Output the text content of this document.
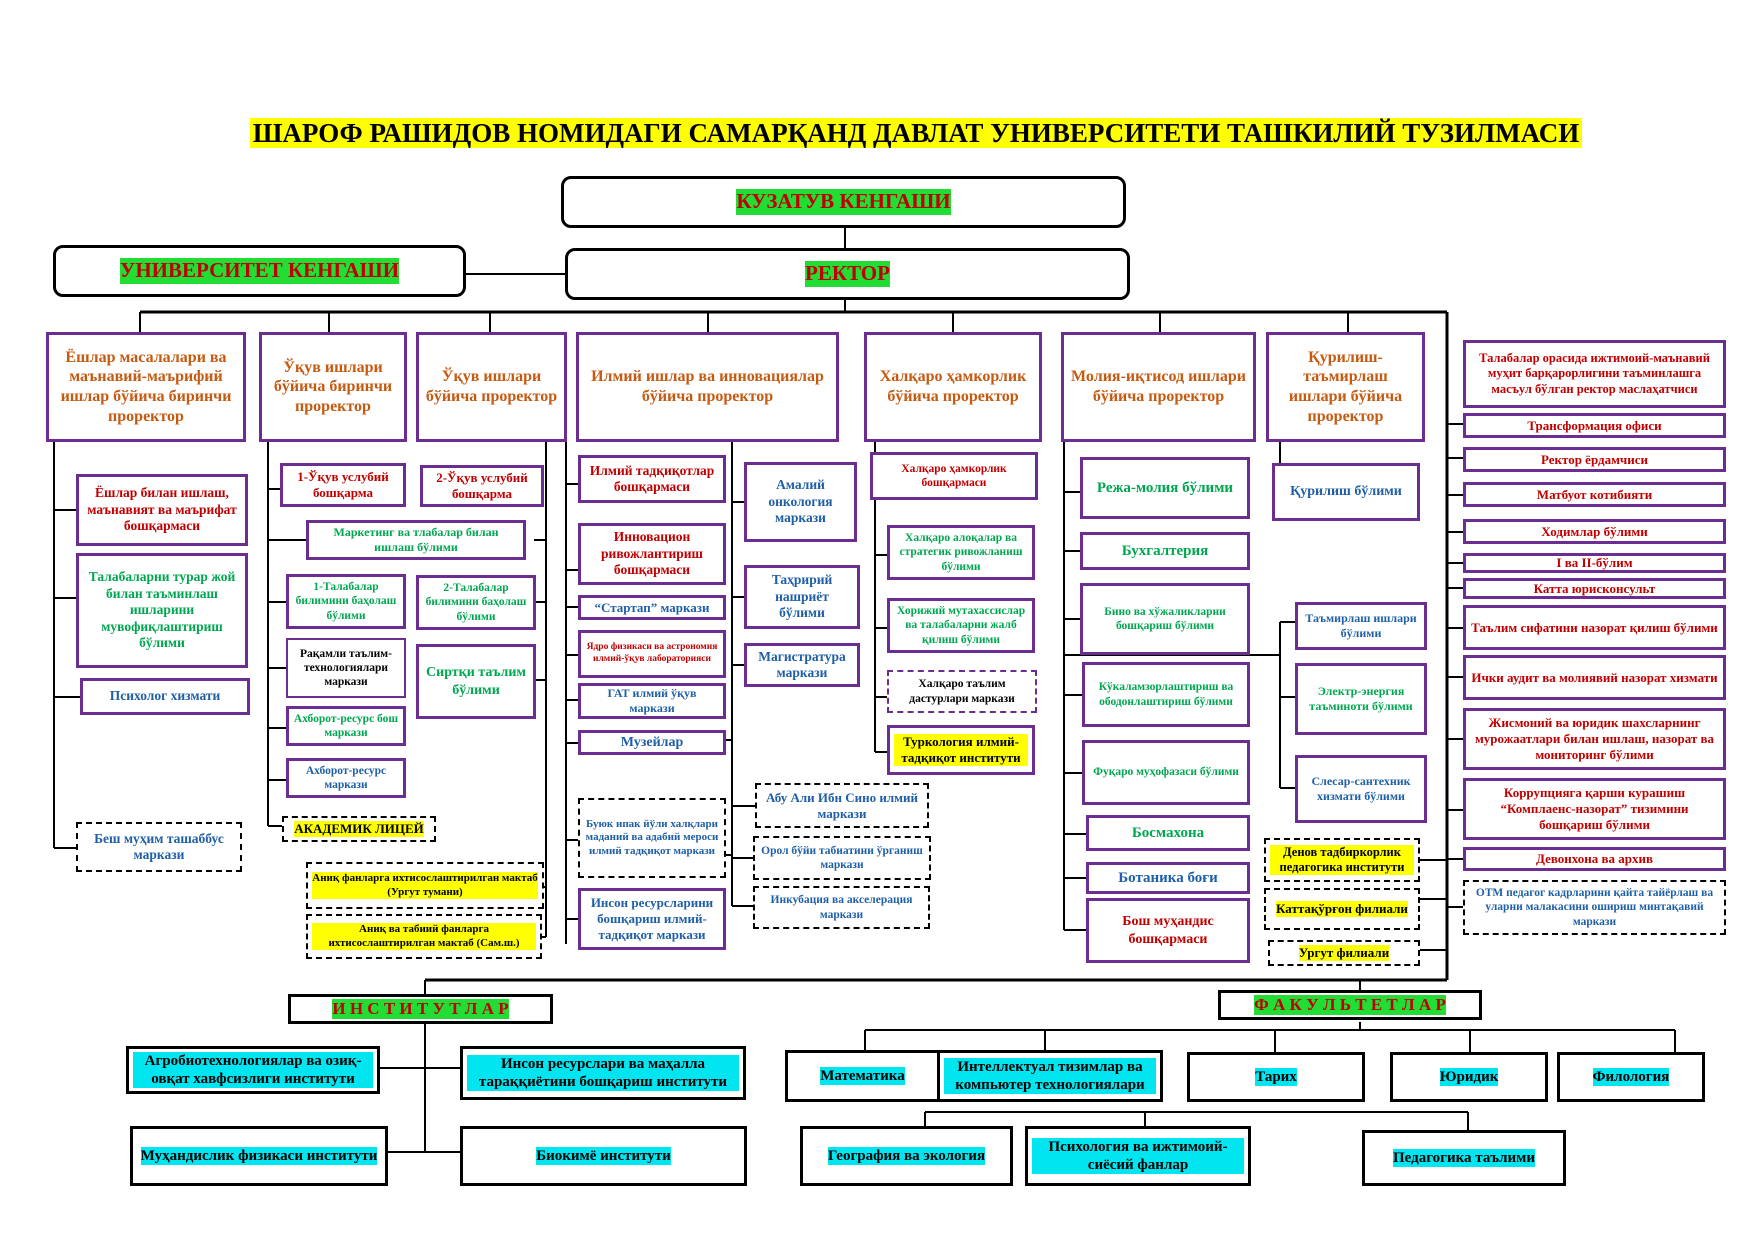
ШАРОФ РАШИДОВ НОМИДАГИ САМАРҚАНД ДАВЛАТ УНИВЕРСИТЕТИ ТАШКИЛИЙ ТУЗИЛМАСИ
КУЗАТУВ КЕНГАШИ
УНИВЕРСИТЕТ КЕНГАШИ	РЕКТОР
Ёшлар масалалари ва маънавий-маърифий ишлар бўйича биринчи проректор
Ўқув ишлари бўйича биринчи проректор
Ўқув ишлари бўйича проректор
Илмий ишлар ва инновациялар бўйича проректор
Халқаро ҳамкорлик бўйича проректор
Молия-иқтисод ишлари бўйича проректор
Қурилиш-таъмирлаш ишлари бўйича проректор
Ёшлар билан ишлаш, маънавият ва маърифат бошқармаси
Талабаларни турар жой билан таъминлаш ишларини мувофиқлаштириш бўлими
Психолог хизмати
Беш муҳим ташаббус маркази
1-Ўқув услубий бошқарма
Маркетинг ва тлабалар билан ишлаш бўлими
1-Талабалар билимини баҳолаш бўлими
Рақамли таълим-технологиялари маркази
Ахборот-ресурс бош маркази
Ахборот-ресурс маркази
АКАДЕМИК ЛИЦЕЙ
Аниқ фанларга ихтисослаштирилган мактаб (Ургут тумани)
Аниқ ва табиий фанларга ихтисослаштирилган мактаб (Сам.ш.)
2-Ўқув услубий бошқарма
2-Талабалар билимини баҳолаш бўлими
Сиртқи таълим бўлими
Илмий тадқиқотлар бошқармаси
Инновацион ривожлантириш бошқармаси
“Стартап” маркази
Ядро физикаси ва астрономия илмий-ўқув лабораторияси
ГАТ илмий ўқув маркази
Музейлар
Буюк ипак йўли халқлари маданий ва адабий мероси илмий тадқиқот маркази
Инсон ресурсларини бошқариш илмий-тадқиқот маркази
Амалий онкология маркази
Таҳририй нашриёт бўлими
Магистратура маркази
Абу Али Ибн Сино илмий маркази
Орол бўйи табиатини ўрганиш маркази
Инкубация ва акселерация маркази
Халқаро ҳамкорлик бошқармаси
Халқаро алоқалар ва стратегик ривожланиш бўлими
Хорижий мутахассислар ва талабаларни жалб қилиш бўлими
Халқаро таълим дастурлари маркази
Туркология илмий-тадқиқот институти
Режа-молия бўлими
Бухгалтерия
Бино ва хўжаликларни бошқариш бўлими
Кўкаламзорлаштириш ва ободонлаштириш бўлими
Фуқаро муҳофазаси бўлими
Босмахона
Ботаника боғи
Бош муҳандис бошқармаси
Қурилиш бўлими
Таъмирлаш ишлари бўлими
Электр-энергия таъминоти бўлими
Слесар-сантехник хизмати бўлими
Денов тадбиркорлик педагогика институти
Каттақўрғон филиали
Ургут филиали
Талабалар орасида ижтимоий-маънавий муҳит барқарорлигини таъминлашга масъул бўлган ректор маслаҳатчиси
Трансформация офиси
Ректор ёрдамчиси
Матбуот котибияти
Ходимлар бўлими
I ва II-бўлим
Катта юрисконсульт
Таълим сифатини назорат қилиш бўлими
Ички аудит ва молиявий назорат хизмати
Жисмоний ва юридик шахсларнинг мурожаатлари билан ишлаш, назорат ва мониторинг бўлими
Коррупцияга қарши курашиш “Комплаенс-назорат” тизимини бошқариш бўлими
Девонхона ва архив
ОТМ педагог кадрларини қайта тайёрлаш ва уларни малакасини ошириш минтақавий маркази
И Н С Т И Т У Т Л А Р
Агробиотехнологиялар ва озиқ-овқат хавфсизлиги институти
Инсон ресурслари ва маҳалла тараққиётини бошқариш институти
Муҳандислик физикаси институти	Биокимё институти
Ф А К У Л Ь Т Е Т Л А Р
Математика
Интеллектуал тизимлар ва компьютер технологиялари
Тарих	Юридик	Филология
География ва экология
Психология ва ижтимоий-сиёсий фанлар	Педагогика таълими
